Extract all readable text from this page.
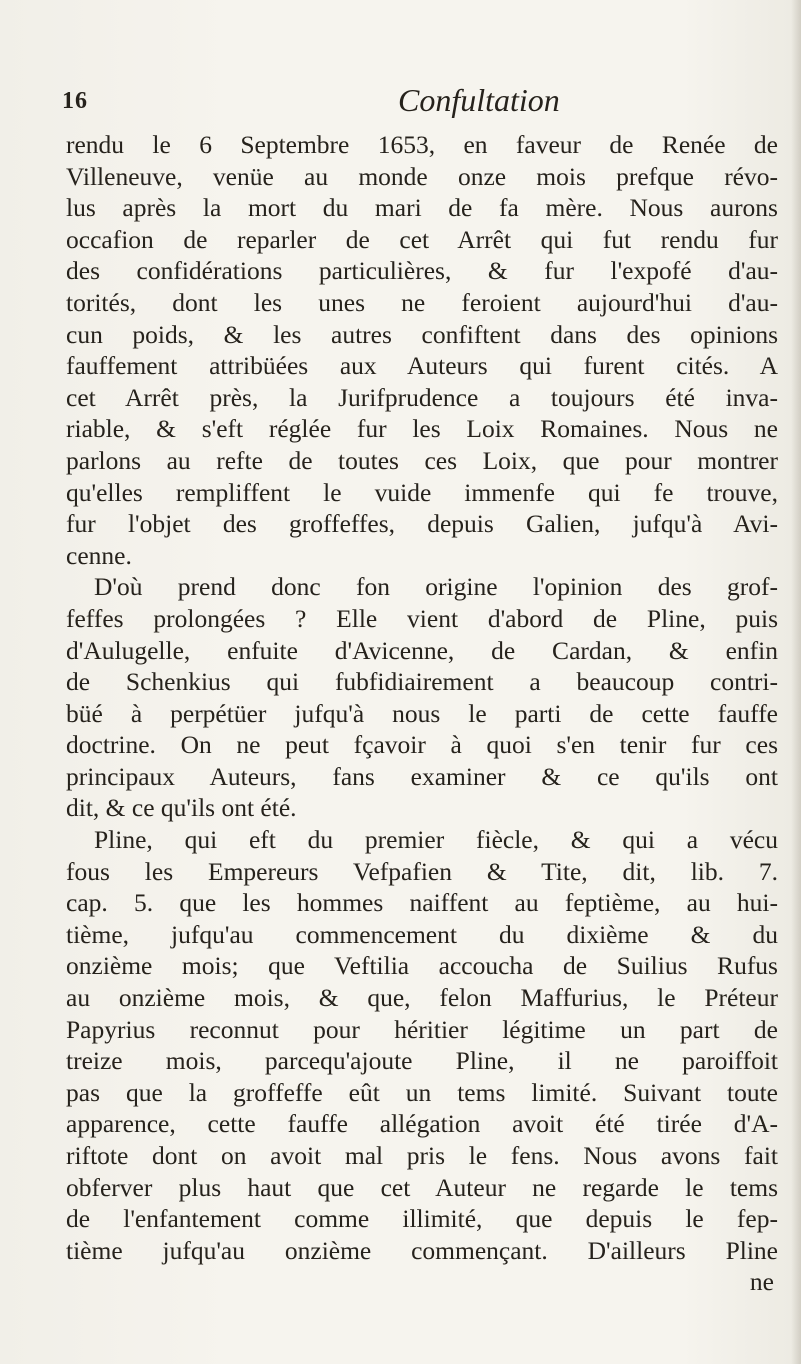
16	Confultation
rendu le 6 Septembre 1653, en faveur de Renée de
Villeneuve, venüe au monde onze mois prefque révo-
lus après la mort du mari de fa mère. Nous aurons
occafion de reparler de cet Arrêt qui fut rendu fur
des confidérations particulières, & fur l'expofé d'au-
torités, dont les unes ne feroient aujourd'hui d'au-
cun poids, & les autres confiftent dans des opinions
fauffement attribüées aux Auteurs qui furent cités. A
cet Arrêt près, la Jurifprudence a toujours été inva-
riable, & s'eft réglée fur les Loix Romaines. Nous ne
parlons au refte de toutes ces Loix, que pour montrer
qu'elles rempliffent le vuide immenfe qui fe trouve,
fur l'objet des groffeffes, depuis Galien, jufqu'à Avi-
cenne.
D'où prend donc fon origine l'opinion des grof-
feffes prolongées ? Elle vient d'abord de Pline, puis
d'Aulugelle, enfuite d'Avicenne, de Cardan, & enfin
de Schenkius qui fubfidiairement a beaucoup contri-
büé à perpétüer jufqu'à nous le parti de cette fauffe
doctrine. On ne peut fçavoir à quoi s'en tenir fur ces
principaux Auteurs, fans examiner & ce qu'ils ont
dit, & ce qu'ils ont été.
Pline, qui eft du premier fiècle, & qui a vécu
fous les Empereurs Vefpafien & Tite, dit, lib. 7.
cap. 5. que les hommes naiffent au feptième, au hui-
tième, jufqu'au commencement du dixième & du
onzième mois; que Veftilia accoucha de Suilius Rufus
au onzième mois, & que, felon Maffurius, le Préteur
Papyrius reconnut pour héritier légitime un part de
treize mois, parcequ'ajoute Pline, il ne paroiffoit
pas que la groffeffe eût un tems limité. Suivant toute
apparence, cette fauffe allégation avoit été tirée d'A-
riftote dont on avoit mal pris le fens. Nous avons fait
obferver plus haut que cet Auteur ne regarde le tems
de l'enfantement comme illimité, que depuis le fep-
tième jufqu'au onzième commençant. D'ailleurs Pline
ne
